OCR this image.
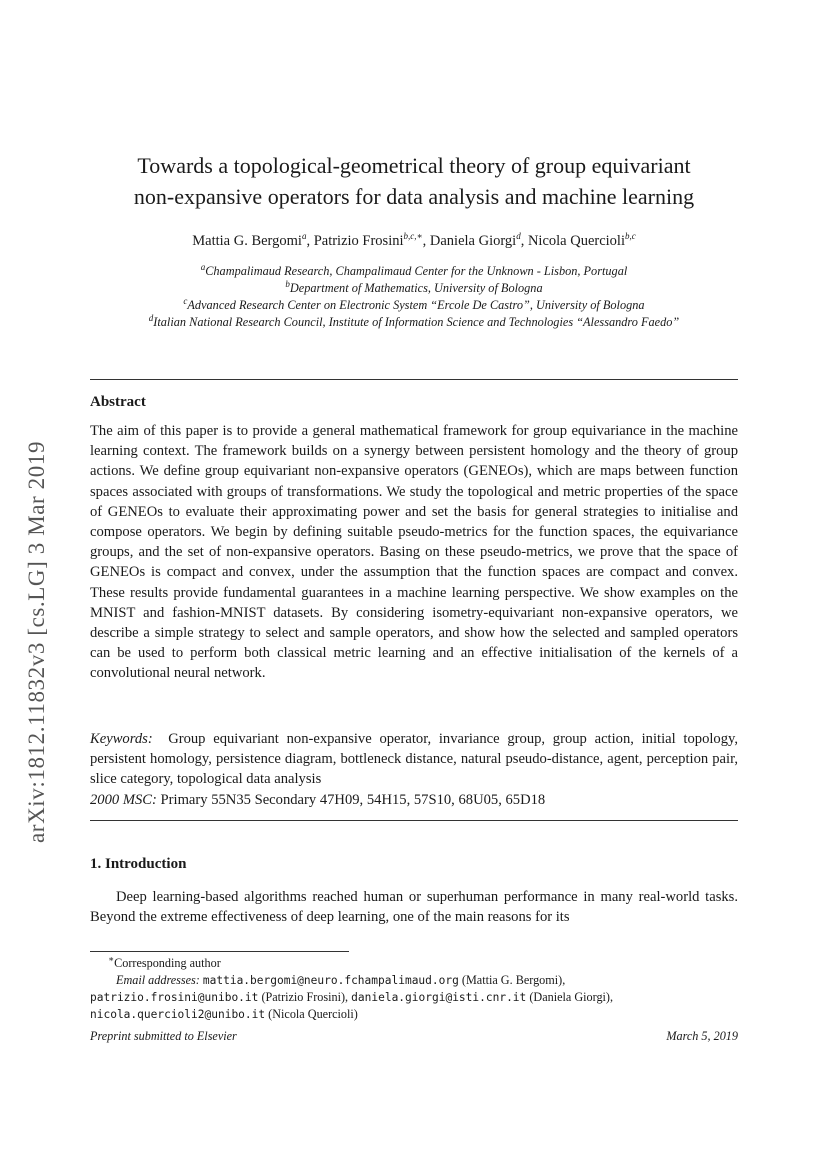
arXiv:1812.11832v3 [cs.LG] 3 Mar 2019
Towards a topological-geometrical theory of group equivariant
non-expansive operators for data analysis and machine learning
Mattia G. Bergomi$^a$, Patrizio Frosini$^{b,c,∗}$, Daniela Giorgi$^d$, Nicola Quercioli$^{b,c}$
$^a$Champalimaud Research, Champalimaud Center for the Unknown - Lisbon, Portugal
$^b$Department of Mathematics, University of Bologna
$^c$Advanced Research Center on Electronic System “Ercole De Castro”, University of Bologna
$^d$Italian National Research Council, Institute of Information Science and Technologies “Alessandro Faedo”
Abstract

The aim of this paper is to provide a general mathematical framework for group equivariance in the machine learning context. The framework builds on a synergy between persistent homology and the theory of group actions. We define group equivariant non-expansive operators (GENEOs), which are maps between function spaces associated with groups of transformations. We study the topological and metric properties of the space of GENEOs to evaluate their approximating power and set the basis for general strategies to initialise and compose operators. We begin by defining suitable pseudo-metrics for the function spaces, the equivariance groups, and the set of non-expansive operators. Basing on these pseudo-metrics, we prove that the space of GENEOs is compact and convex, under the assumption that the function spaces are compact and convex. These results provide fundamental guarantees in a machine learning perspective. We show examples on the MNIST and fashion-MNIST datasets. By considering isometry-equivariant non-expansive operators, we describe a simple strategy to select and sample operators, and show how the selected and sampled operators can be used to perform both classical metric learning and an effective initialisation of the kernels of a convolutional neural network.

Keywords: Group equivariant non-expansive operator, invariance group, group action, initial topology, persistent homology, persistence diagram, bottleneck distance, natural pseudo-distance, agent, perception pair, slice category, topological data analysis

2000 MSC: Primary 55N35 Secondary 47H09, 54H15, 57S10, 68U05, 65D18

1. Introduction
Deep learning-based algorithms reached human or superhuman performance in many real-world tasks. Beyond the extreme effectiveness of deep learning, one of the main reasons for its

∗Corresponding author

Email addresses: mattia.bergomi@neuro.fchampalimaud.org (Mattia G. Bergomi),

patrizio.frosini@unibo.it (Patrizio Frosini), daniela.giorgi@isti.cnr.it (Daniela Giorgi),

nicola.quercioli2@unibo.it (Nicola Quercioli)

Preprint submitted to Elsevier	March 5, 2019
